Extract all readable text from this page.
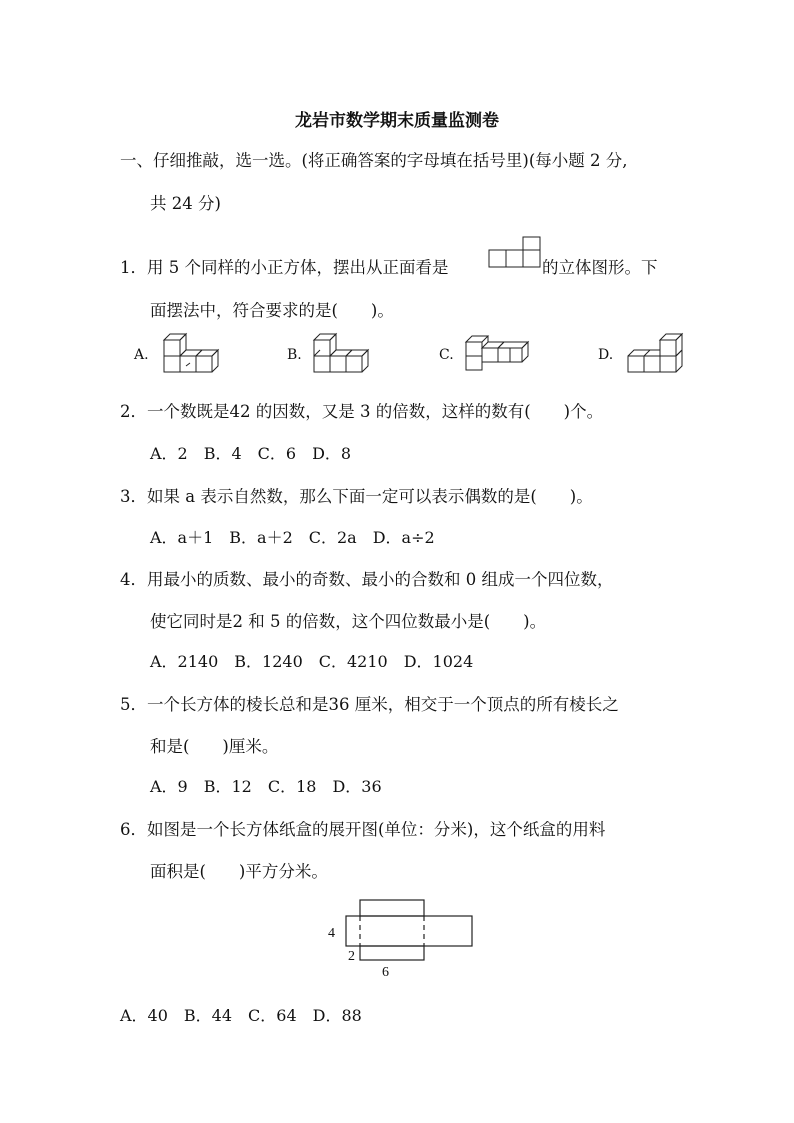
龙岩市数学期末质量监测卷
一、仔细推敲，选一选。(将正确答案的字母填在括号里)(每小题 2 分,
共 24 分)
1．用 5 个同样的小正方体，摆出从正面看是	的立体图形。下
面摆法中，符合要求的是(　　)。
A.	B.	C.	D.
2．一个数既是42 的因数，又是 3 的倍数，这样的数有(　　)个。
A．2　B．4　C．6　D．8
3．如果 a 表示自然数，那么下面一定可以表示偶数的是(　　)。
A．a＋1　B．a＋2　C．2a　D．a÷2
4．用最小的质数、最小的奇数、最小的合数和 0 组成一个四位数，
使它同时是2 和 5 的倍数，这个四位数最小是(　　)。
A．2140　B．1240　C．4210　D．1024
5．一个长方体的棱长总和是36 厘米，相交于一个顶点的所有棱长之
和是(　　)厘米。
A．9　B．12　C．18　D．36
6．如图是一个长方体纸盒的展开图(单位：分米)，这个纸盒的用料
面积是(　　)平方分米。
4
2
6
A．40　B．44　C．64　D．88
